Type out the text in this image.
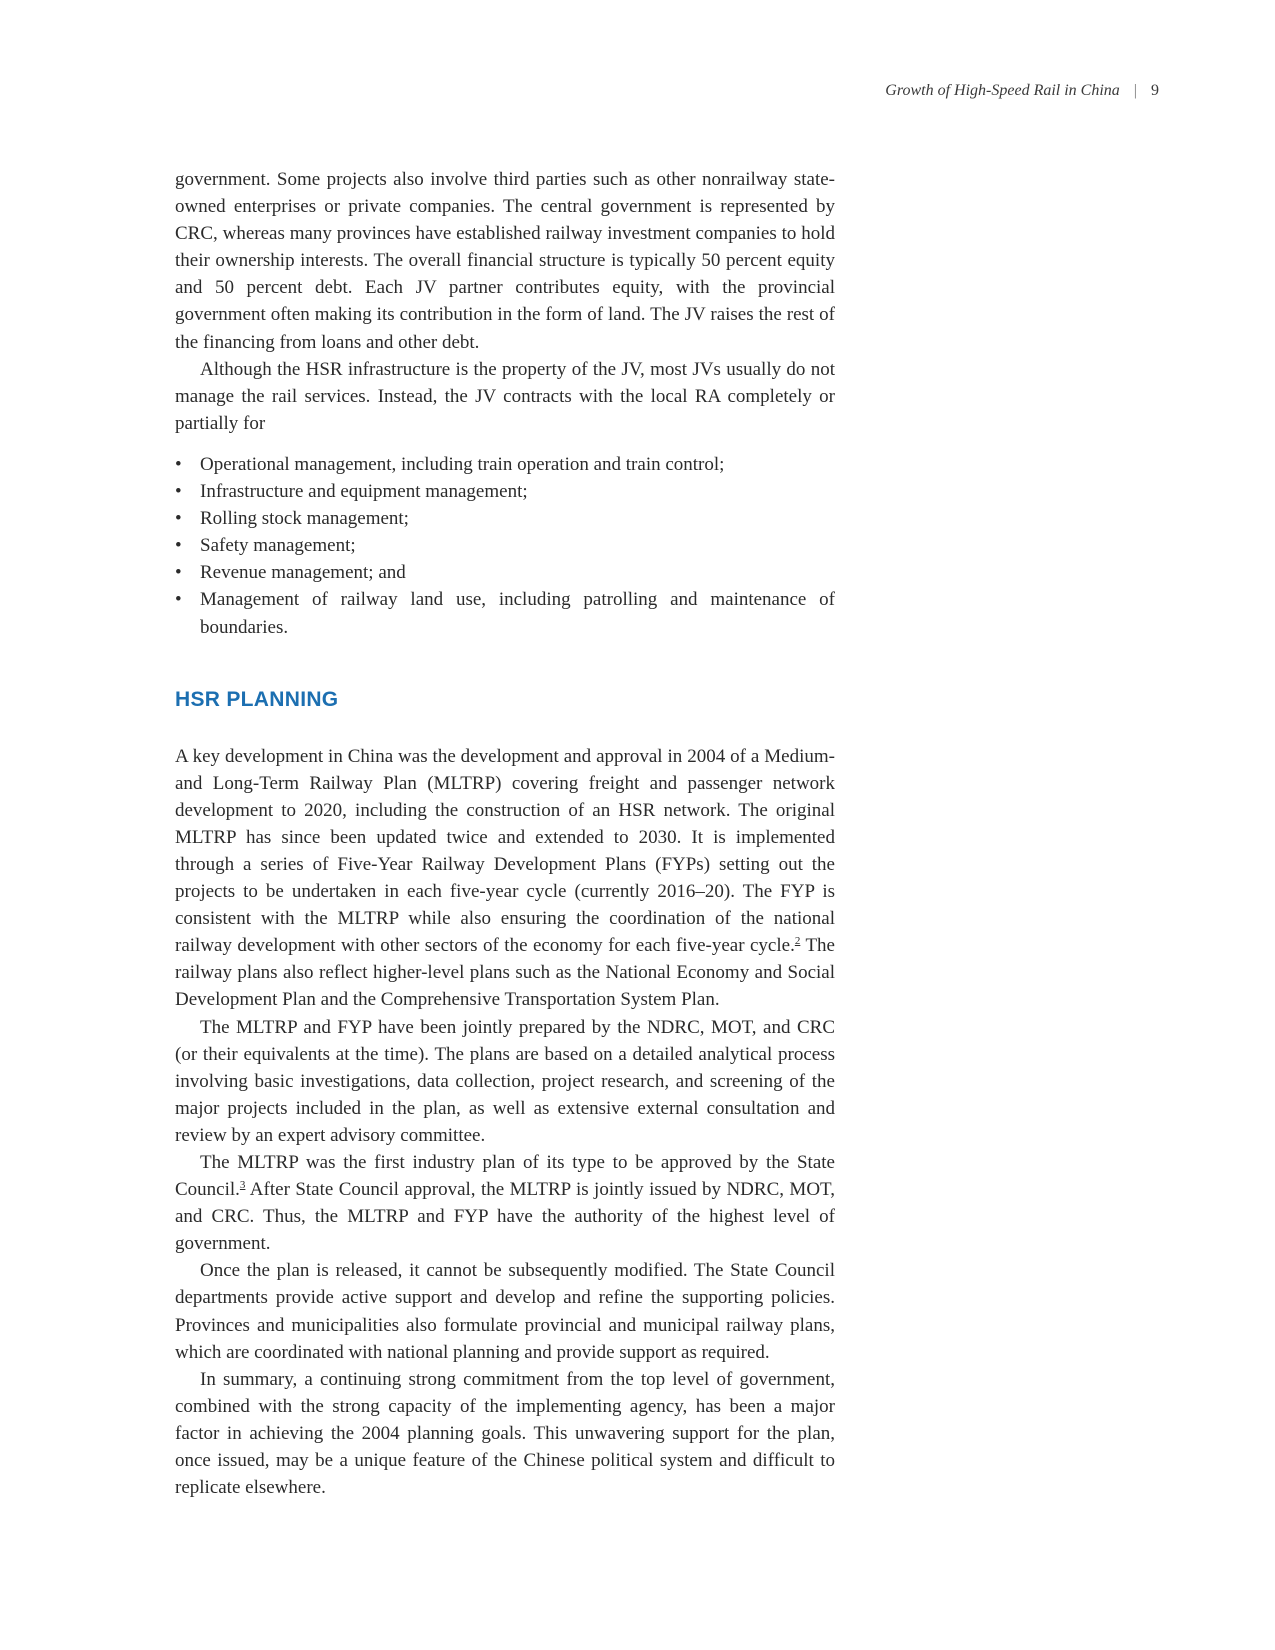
Growth of High-Speed Rail in China | 9

government. Some projects also involve third parties such as other nonrailway state-owned enterprises or private companies. The central government is represented by CRC, whereas many provinces have established railway investment companies to hold their ownership interests. The overall financial structure is typically 50 percent equity and 50 percent debt. Each JV partner contributes equity, with the provincial government often making its contribution in the form of land. The JV raises the rest of the financing from loans and other debt.

Although the HSR infrastructure is the property of the JV, most JVs usually do not manage the rail services. Instead, the JV contracts with the local RA completely or partially for

• Operational management, including train operation and train control;
• Infrastructure and equipment management;
• Rolling stock management;
• Safety management;
• Revenue management; and
• Management of railway land use, including patrolling and maintenance of boundaries.
HSR PLANNING

A key development in China was the development and approval in 2004 of a Medium- and Long-Term Railway Plan (MLTRP) covering freight and passenger network development to 2020, including the construction of an HSR network. The original MLTRP has since been updated twice and extended to 2030. It is implemented through a series of Five-Year Railway Development Plans (FYPs) setting out the projects to be undertaken in each five-year cycle (currently 2016–20). The FYP is consistent with the MLTRP while also ensuring the coordination of the national railway development with other sectors of the economy for each five-year cycle.$^2$ The railway plans also reflect higher-level plans such as the National Economy and Social Development Plan and the Comprehensive Transportation System Plan.

The MLTRP and FYP have been jointly prepared by the NDRC, MOT, and CRC (or their equivalents at the time). The plans are based on a detailed analytical process involving basic investigations, data collection, project research, and screening of the major projects included in the plan, as well as extensive external consultation and review by an expert advisory committee.

The MLTRP was the first industry plan of its type to be approved by the State Council.$^3$ After State Council approval, the MLTRP is jointly issued by NDRC, MOT, and CRC. Thus, the MLTRP and FYP have the authority of the highest level of government.

Once the plan is released, it cannot be subsequently modified. The State Council departments provide active support and develop and refine the supporting policies. Provinces and municipalities also formulate provincial and municipal railway plans, which are coordinated with national planning and provide support as required.

In summary, a continuing strong commitment from the top level of government, combined with the strong capacity of the implementing agency, has been a major factor in achieving the 2004 planning goals. This unwavering support for the plan, once issued, may be a unique feature of the Chinese political system and difficult to replicate elsewhere.
